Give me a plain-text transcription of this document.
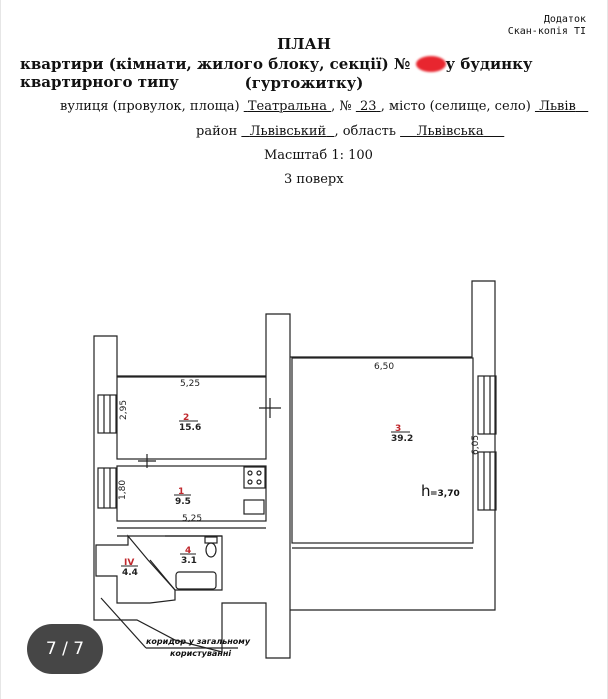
Додаток
Скан-копія ТІ
ПЛАН
квартири (кімнати, жилого блоку, секції) № у будинку квартирного типу	(гуртожитку)
вулиця (провулок, площа) Театральна , № 23 , місто (селище, село) Львів
район Львівський , область Львівська
Масштаб 1: 100
3 поверх
5,25
2,95
1,80
5,25
6,50
6,05
2
15.6	3
39.2
1
9.5
4
3.1
IV
4.4
h =3,70
коридор у загальному
користуванні
7 / 7
